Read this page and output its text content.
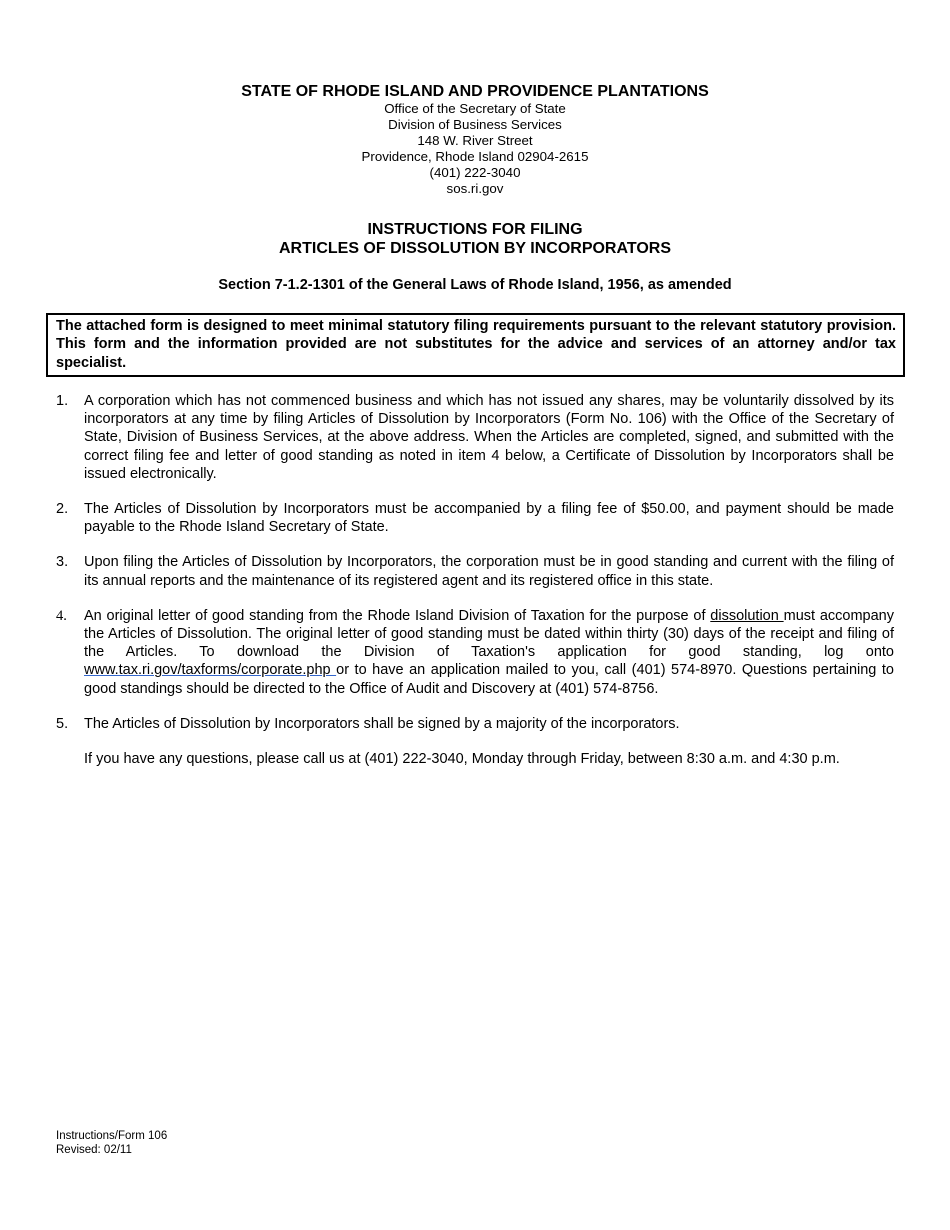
STATE OF RHODE ISLAND AND PROVIDENCE PLANTATIONS
Office of the Secretary of State
Division of Business Services
148 W. River Street
Providence, Rhode Island 02904-2615
(401) 222-3040
sos.ri.gov
INSTRUCTIONS FOR FILING
ARTICLES OF DISSOLUTION BY INCORPORATORS
Section 7-1.2-1301 of the General Laws of Rhode Island, 1956, as amended
The attached form is designed to meet minimal statutory filing requirements pursuant to the relevant statutory provision. This form and the information provided are not substitutes for the advice and services of an attorney and/or tax specialist.
1. A corporation which has not commenced business and which has not issued any shares, may be voluntarily dissolved by its incorporators at any time by filing Articles of Dissolution by Incorporators (Form No. 106) with the Office of the Secretary of State, Division of Business Services, at the above address. When the Articles are completed, signed, and submitted with the correct filing fee and letter of good standing as noted in item 4 below, a Certificate of Dissolution by Incorporators shall be issued electronically.
2. The Articles of Dissolution by Incorporators must be accompanied by a filing fee of $50.00, and payment should be made payable to the Rhode Island Secretary of State.
3. Upon filing the Articles of Dissolution by Incorporators, the corporation must be in good standing and current with the filing of its annual reports and the maintenance of its registered agent and its registered office in this state.
4. An original letter of good standing from the Rhode Island Division of Taxation for the purpose of dissolution must accompany the Articles of Dissolution. The original letter of good standing must be dated within thirty (30) days of the receipt and filing of the Articles. To download the Division of Taxation's application for good standing, log onto www.tax.ri.gov/taxforms/corporate.php or to have an application mailed to you, call (401) 574-8970. Questions pertaining to good standings should be directed to the Office of Audit and Discovery at (401) 574-8756.
5. The Articles of Dissolution by Incorporators shall be signed by a majority of the incorporators.
If you have any questions, please call us at (401) 222-3040, Monday through Friday, between 8:30 a.m. and 4:30 p.m.
Instructions/Form 106
Revised: 02/11
